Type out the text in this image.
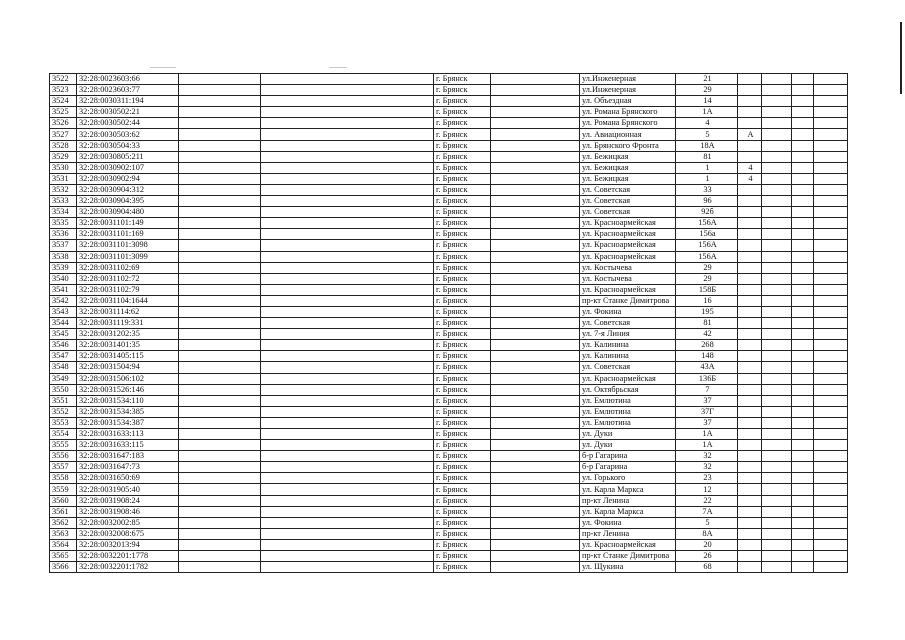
3522	32:28:0023603:66			г. Брянск		ул.Инженерная	21				
3523	32:28:0023603:77			г. Брянск		ул.Инженерная	29				
3524	32:28:0030311:194			г. Брянск		ул. Объездная	14				
3525	32:28:0030502:21			г. Брянск		ул. Романа Брянского	1А				
3526	32:28:0030502:44			г. Брянск		ул. Романа Брянского	4				
3527	32:28:0030503:62			г. Брянск		ул. Авиационная	5	А			
3528	32:28:0030504:33			г. Брянск		ул. Брянского Фронта	18А				
3529	32:28:0030805:211			г. Брянск		ул. Бежицкая	81				
3530	32:28:0030902:107			г. Брянск		ул. Бежицкая	1	4			
3531	32:28:0030902:94			г. Брянск		ул. Бежицкая	1	4			
3532	32:28:0030904:312			г. Брянск		ул. Советская	33				
3533	32:28:0030904:395			г. Брянск		ул. Советская	96				
3534	32:28:0030904:480			г. Брянск		ул. Советская	92б				
3535	32:28:0031101:149			г. Брянск		ул. Красноармейская	156А				
3536	32:28:0031101:169			г. Брянск		ул. Красноармейская	156а				
3537	32:28:0031101:3098			г. Брянск		ул. Красноармейская	156А				
3538	32:28:0031101:3099			г. Брянск		ул. Красноармейская	156А				
3539	32:28:0031102:69			г. Брянск		ул. Костычева	29				
3540	32:28:0031102:72			г. Брянск		ул. Костычева	29				
3541	32:28:0031102:79			г. Брянск		ул. Красноармейская	158Б				
3542	32:28:0031104:1644			г. Брянск		пр-кт Станке Димитрова	16				
3543	32:28:0031114:62			г. Брянск		ул. Фокина	195				
3544	32:28:0031119:331			г. Брянск		ул. Советская	81				
3545	32:28:0031202:35			г. Брянск		ул. 7-я Линия	42				
3546	32:28:0031401:35			г. Брянск		ул. Калинина	268				
3547	32:28:0031405:115			г. Брянск		ул. Калинина	148				
3548	32:28:0031504:94			г. Брянск		ул. Советская	43А				
3549	32:28:0031506:102			г. Брянск		ул. Красноармейская	136Б				
3550	32:28:0031526:146			г. Брянск		ул. Октябрьская	7				
3551	32:28:0031534:110			г. Брянск		ул. Емлютина	37				
3552	32:28:0031534:385			г. Брянск		ул. Емлютина	37Г				
3553	32:28:0031534:387			г. Брянск		ул. Емлютина	37				
3554	32:28:0031633:113			г. Брянск		ул. Дуки	1А				
3555	32:28:0031633:115			г. Брянск		ул. Дуки	1А				
3556	32:28:0031647:183			г. Брянск		б-р Гагарина	32				
3557	32:28:0031647:73			г. Брянск		б-р Гагарина	32				
3558	32:28:0031650:69			г. Брянск		ул. Горького	23				
3559	32:28:0031905:40			г. Брянск		ул. Карла Маркса	12				
3560	32:28:0031908:24			г. Брянск		пр-кт Ленина	22				
3561	32:28:0031908:46			г. Брянск		ул. Карла Маркса	7А				
3562	32:28:0032002:85			г. Брянск		ул. Фокина	5				
3563	32:28:0032008:675			г. Брянск		пр-кт Ленина	8А				
3564	32:28:0032013:94			г. Брянск		ул. Красноармейская	20				
3565	32:28:0032201:1778			г. Брянск		пр-кт Станке Димитрова	26				
3566	32:28:0032201:1782			г. Брянск		ул. Щукина	68				
